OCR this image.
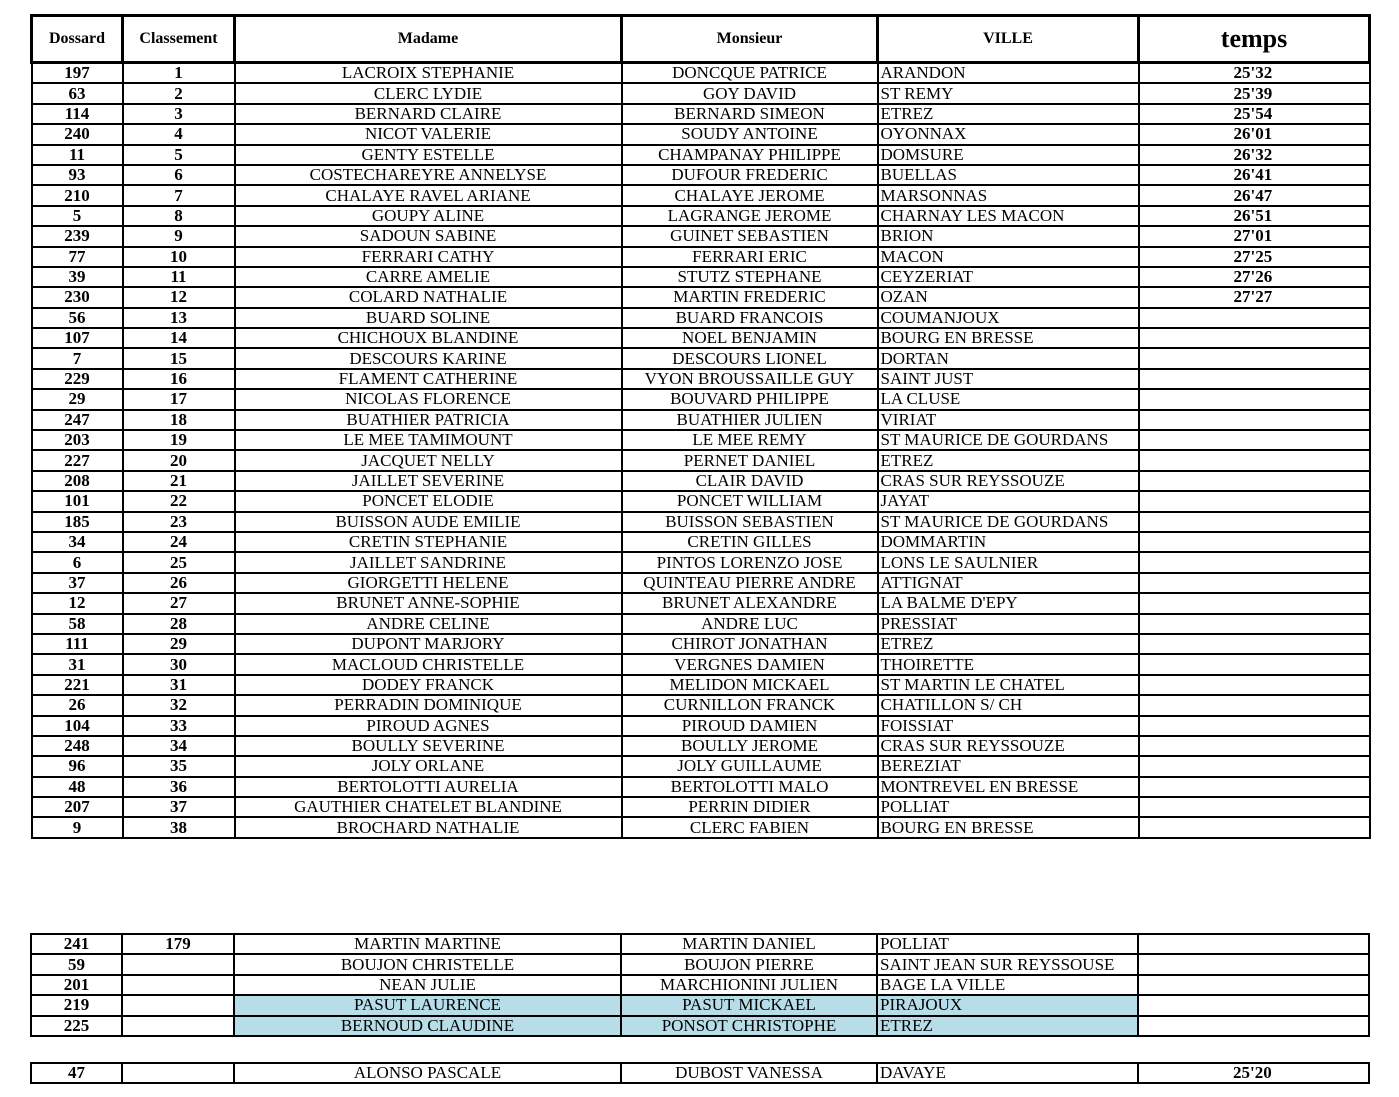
Dossard	Classement	Madame	Monsieur	VILLE	temps
197	1	LACROIX STEPHANIE	DONCQUE PATRICE	ARANDON	25'32
63	2	CLERC LYDIE	GOY DAVID	ST REMY	25'39
114	3	BERNARD CLAIRE	BERNARD SIMEON	ETREZ	25'54
240	4	NICOT VALERIE	SOUDY ANTOINE	OYONNAX	26'01
11	5	GENTY ESTELLE	CHAMPANAY PHILIPPE	DOMSURE	26'32
93	6	COSTECHAREYRE ANNELYSE	DUFOUR FREDERIC	BUELLAS	26'41
210	7	CHALAYE RAVEL ARIANE	CHALAYE JEROME	MARSONNAS	26'47
5	8	GOUPY ALINE	LAGRANGE JEROME	CHARNAY LES MACON	26'51
239	9	SADOUN SABINE	GUINET SEBASTIEN	BRION	27'01
77	10	FERRARI CATHY	FERRARI ERIC	MACON	27'25
39	11	CARRE AMELIE	STUTZ STEPHANE	CEYZERIAT	27'26
230	12	COLARD NATHALIE	MARTIN FREDERIC	OZAN	27'27
56	13	BUARD SOLINE	BUARD FRANCOIS	COUMANJOUX	
107	14	CHICHOUX BLANDINE	NOEL BENJAMIN	BOURG EN BRESSE	
7	15	DESCOURS KARINE	DESCOURS LIONEL	DORTAN	
229	16	FLAMENT CATHERINE	VYON BROUSSAILLE GUY	SAINT JUST	
29	17	NICOLAS FLORENCE	BOUVARD PHILIPPE	LA CLUSE	
247	18	BUATHIER PATRICIA	BUATHIER JULIEN	VIRIAT	
203	19	LE MEE TAMIMOUNT	LE MEE REMY	ST MAURICE DE GOURDANS	
227	20	JACQUET NELLY	PERNET DANIEL	ETREZ	
208	21	JAILLET SEVERINE	CLAIR DAVID	CRAS SUR REYSSOUZE	
101	22	PONCET ELODIE	PONCET WILLIAM	JAYAT	
185	23	BUISSON AUDE EMILIE	BUISSON SEBASTIEN	ST MAURICE DE GOURDANS	
34	24	CRETIN STEPHANIE	CRETIN GILLES	DOMMARTIN	
6	25	JAILLET SANDRINE	PINTOS LORENZO JOSE	LONS LE SAULNIER	
37	26	GIORGETTI HELENE	QUINTEAU PIERRE ANDRE	ATTIGNAT	
12	27	BRUNET ANNE-SOPHIE	BRUNET ALEXANDRE	LA BALME D'EPY	
58	28	ANDRE CELINE	ANDRE LUC	PRESSIAT	
111	29	DUPONT MARJORY	CHIROT JONATHAN	ETREZ	
31	30	MACLOUD CHRISTELLE	VERGNES DAMIEN	THOIRETTE	
221	31	DODEY FRANCK	MELIDON MICKAEL	ST MARTIN LE CHATEL	
26	32	PERRADIN DOMINIQUE	CURNILLON FRANCK	CHATILLON S/ CH	
104	33	PIROUD AGNES	PIROUD DAMIEN	FOISSIAT	
248	34	BOULLY SEVERINE	BOULLY JEROME	CRAS SUR REYSSOUZE	
96	35	JOLY ORLANE	JOLY GUILLAUME	BEREZIAT	
48	36	BERTOLOTTI AURELIA	BERTOLOTTI MALO	MONTREVEL EN BRESSE	
207	37	GAUTHIER CHATELET BLANDINE	PERRIN DIDIER	POLLIAT	
9	38	BROCHARD NATHALIE	CLERC FABIEN	BOURG EN BRESSE	
241	179	MARTIN MARTINE	MARTIN DANIEL	POLLIAT	
59		BOUJON CHRISTELLE	BOUJON PIERRE	SAINT JEAN SUR REYSSOUSE	
201		NEAN JULIE	MARCHIONINI JULIEN	BAGE LA VILLE	
219		PASUT LAURENCE	PASUT MICKAEL	PIRAJOUX	
225		BERNOUD CLAUDINE	PONSOT CHRISTOPHE	ETREZ	
47		ALONSO PASCALE	DUBOST VANESSA	DAVAYE	25'20
